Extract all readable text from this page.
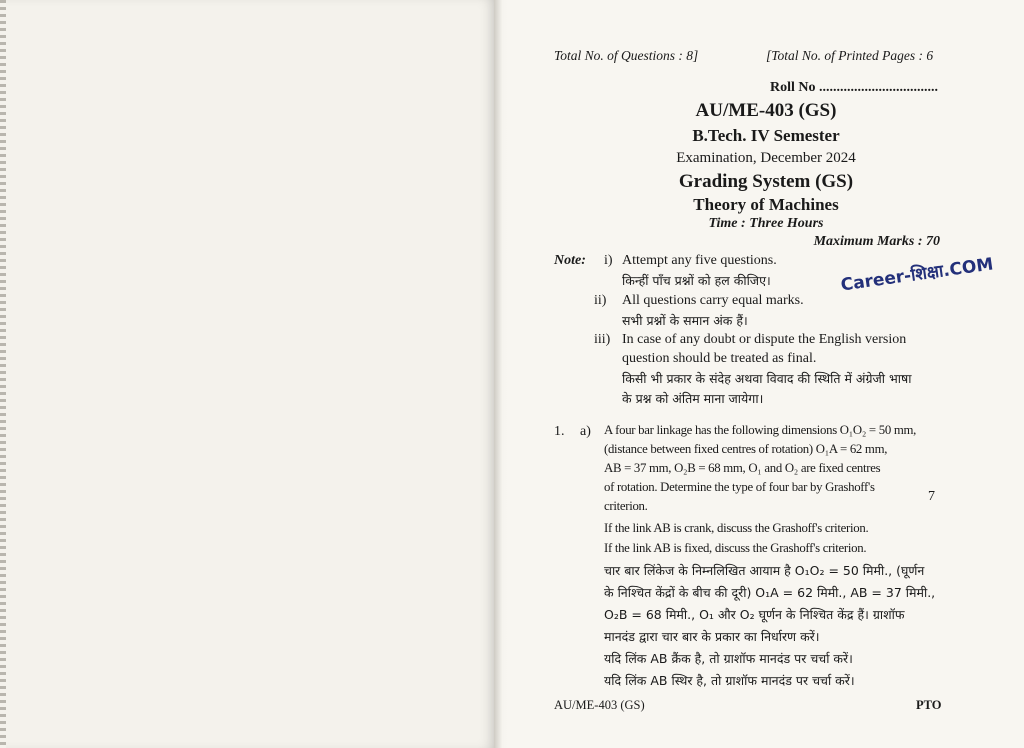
Total No. of Questions : 8]	[Total No. of Printed Pages : 6
Roll No ..................................
AU/ME-403 (GS)
B.Tech. IV Semester
Examination, December 2024
Grading System (GS)
Theory of Machines
Time : Three Hours
Maximum Marks : 70
Note: i) Attempt any five questions.
किन्हीं पाँच प्रश्नों को हल कीजिए।
ii) All questions carry equal marks.
सभी प्रश्नों के समान अंक हैं।
iii) In case of any doubt or dispute the English version
question should be treated as final.
किसी भी प्रकार के संदेह अथवा विवाद की स्थिति में अंग्रेजी भाषा
के प्रश्न को अंतिम माना जायेगा।
Career-शिक्षा.COM
1. a) A four bar linkage has the following dimensions O₁O₂ = 50 mm,
(distance between fixed centres of rotation) O₁A = 62 mm,
AB = 37 mm, O₂B = 68 mm, O₁ and O₂ are fixed centres
of rotation. Determine the type of four bar by Grashoff's
criterion.
7
If the link AB is crank, discuss the Grashoff's criterion.
If the link AB is fixed, discuss the Grashoff's criterion.
चार बार लिंकेज के निम्नलिखित आयाम है O₁O₂ = 50 मिमी., (घूर्णन
के निश्चित केंद्रों के बीच की दूरी) O₁A = 62 मिमी., AB = 37 मिमी.,
O₂B = 68 मिमी., O₁ और O₂ घूर्णन के निश्चित केंद्र हैं। ग्राशॉफ
मानदंड द्वारा चार बार के प्रकार का निर्धारण करें।
यदि लिंक AB क्रैंक है, तो ग्राशॉफ मानदंड पर चर्चा करें।
यदि लिंक AB स्थिर है, तो ग्राशॉफ मानदंड पर चर्चा करें।
AU/ME-403 (GS)	PTO
